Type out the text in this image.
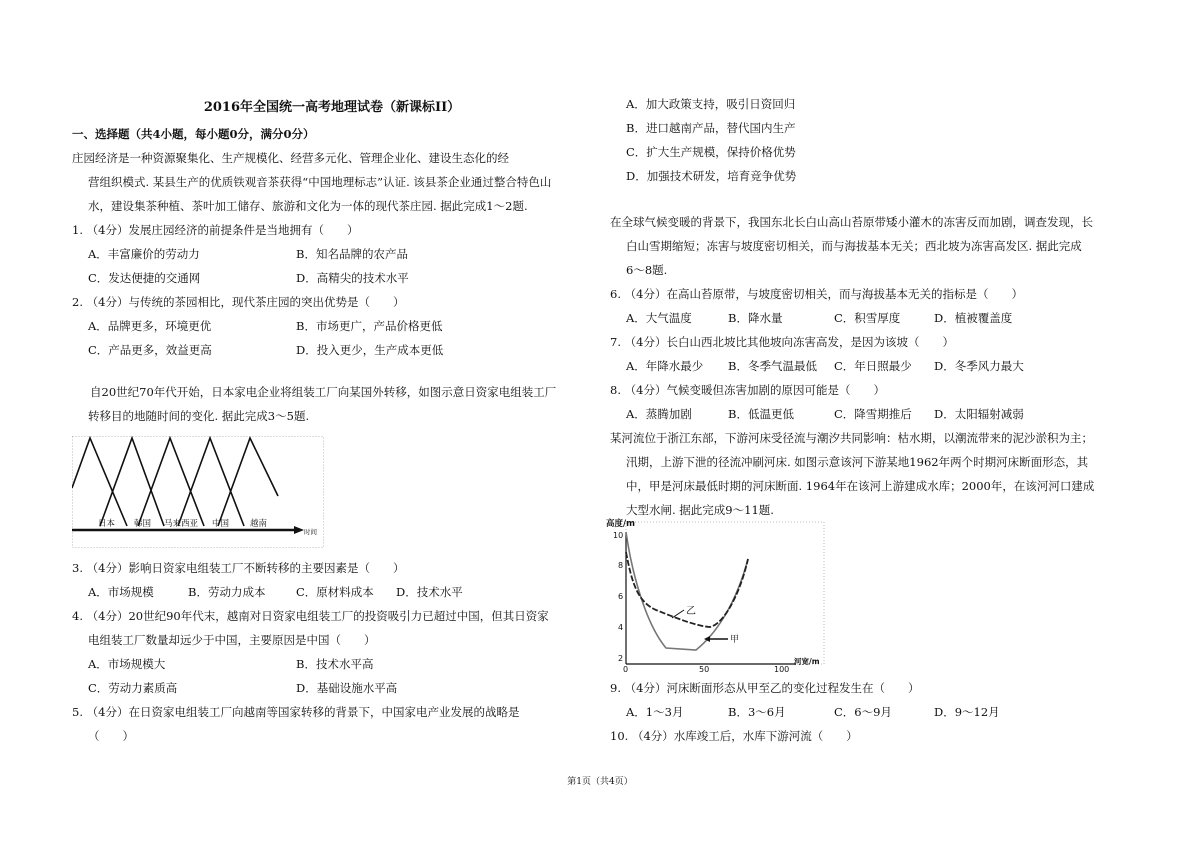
2016年全国统一高考地理试卷（新课标II）
一、选择题（共4小题，每小题0分，满分0分）
庄园经济是一种资源聚集化、生产规模化、经营多元化、管理企业化、建设生态化的经
营组织模式. 某县生产的优质铁观音茶获得“中国地理标志”认证. 该县茶企业通过整合特色山
水，建设集茶种植、茶叶加工储存、旅游和文化为一体的现代茶庄园. 据此完成1～2题.
1. （4分）发展庄园经济的前提条件是当地拥有（　　）
A．丰富廉价的劳动力	B．知名品牌的农产品
C．发达便捷的交通网	D．高精尖的技术水平
2. （4分）与传统的茶园相比，现代茶庄园的突出优势是（　　）
A．品牌更多，环境更优	B．市场更广，产品价格更低
C．产品更多，效益更高	D．投入更少，生产成本更低
自20世纪70年代开始，日本家电企业将组装工厂向某国外转移，如图示意日资家电组装工厂
转移目的地随时间的变化. 据此完成3～5题.
日本 韩国 马来西亚 中国 越南
时间
3. （4分）影响日资家电组装工厂不断转移的主要因素是（　　）
A．市场规模	B．劳动力成本	C．原材料成本 D．技术水平
4. （4分）20世纪90年代末，越南对日资家电组装工厂的投资吸引力已超过中国，但其日资家
电组装工厂数量却远少于中国，主要原因是中国（　　）
A．市场规模大	B．技术水平高
C．劳动力素质高	D．基础设施水平高
5. （4分）在日资家电组装工厂向越南等国家转移的背景下，中国家电产业发展的战略是
（　　）
A．加大政策支持，吸引日资回归
B．进口越南产品，替代国内生产
C．扩大生产规模，保持价格优势
D．加强技术研发，培育竞争优势
在全球气候变暖的背景下，我国东北长白山高山苔原带矮小灌木的冻害反而加剧，调查发现，长
白山雪期缩短；冻害与坡度密切相关，而与海拔基本无关；西北坡为冻害高发区. 据此完成
6～8题.
6. （4分）在高山苔原带，与坡度密切相关，而与海拔基本无关的指标是（　　）
A．大气温度	B．降水量	C．积雪厚度	D．植被覆盖度
7. （4分）长白山西北坡比其他坡向冻害高发，是因为该坡（　　）
A．年降水最少 B．冬季气温最低 C．年日照最少 D．冬季风力最大
8. （4分）气候变暖但冻害加剧的原因可能是（　　）
A．蒸腾加剧	B．低温更低	C．降雪期推后 D．太阳辐射减弱
某河流位于浙江东部，下游河床受径流与潮汐共同影响：枯水期，以潮流带来的泥沙淤积为主；
汛期，上游下泄的径流冲刷河床. 如图示意该河下游某地1962年两个时期河床断面形态，其
中，甲是河床最低时期的河床断面. 1964年在该河上游建成水库；2000年，在该河河口建成
大型水闸. 据此完成9～11题.
高度/m
10
8
6
4
2
0	50	100
河宽/m
乙
甲
9. （4分）河床断面形态从甲至乙的变化过程发生在（　　）
A．1～3月	B．3～6月	C．6～9月	D．9～12月
10. （4分）水库竣工后，水库下游河流（　　）
第1页（共4页）
